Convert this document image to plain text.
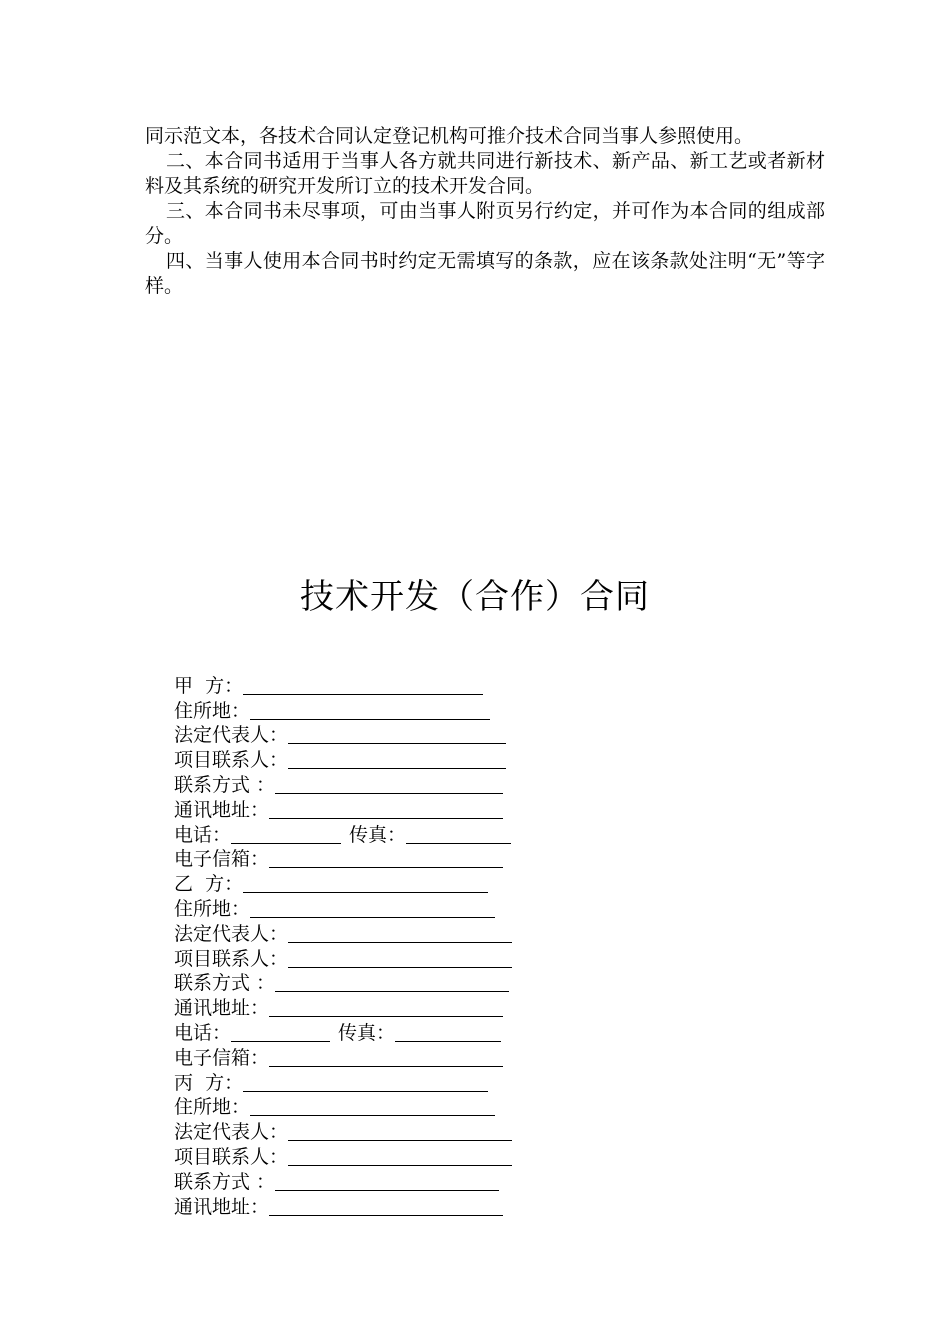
同示范文本，各技术合同认定登记机构可推介技术合同当事人参照使用。

二、本合同书适用于当事人各方就共同进行新技术、新产品、新工艺或者新材料及其系统的研究开发所订立的技术开发合同。

三、本合同书未尽事项，可由当事人附页另行约定，并可作为本合同的组成部分。

四、当事人使用本合同书时约定无需填写的条款，应在该条款处注明“无”等字样。

技术开发（合作）合同
甲  方：
住所地：
法定代表人：
项目联系人：
联系方式 ：
通讯地址：
电话：	传真：
电子信箱：
乙  方：
住所地：
法定代表人：
项目联系人：
联系方式 ：
通讯地址：
电话：	传真：
电子信箱：
丙  方：
住所地：
法定代表人：
项目联系人：
联系方式 ：
通讯地址：
